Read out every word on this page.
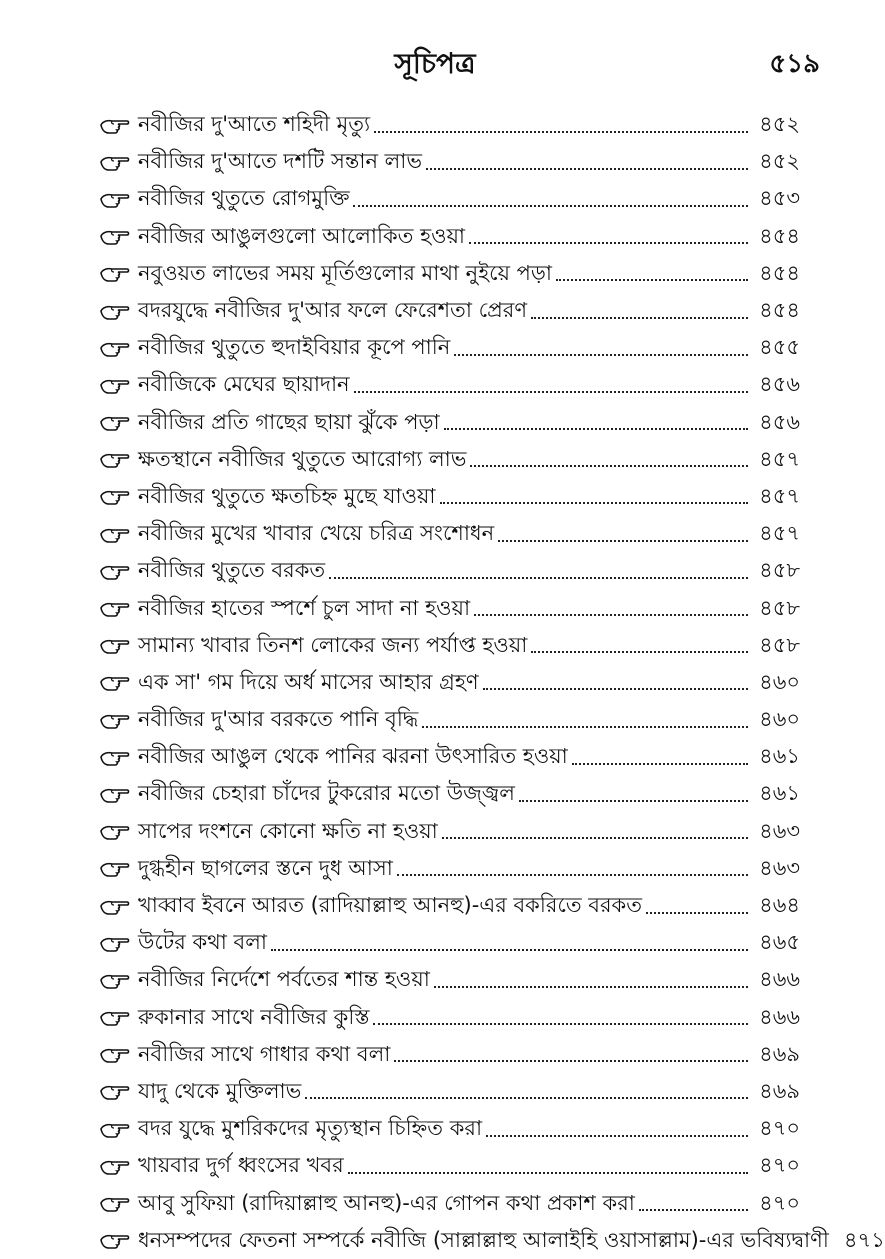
সূচিপত্র	৫১৯
নবীজির দু'আতে শহিদী মৃত্যু	৪৫২
নবীজির দু'আতে দশটি সন্তান লাভ	৪৫২
নবীজির থুতুতে রোগমুক্তি	৪৫৩
নবীজির আঙুলগুলো আলোকিত হওয়া	৪৫৪
নবুওয়ত লাভের সময় মূর্তিগুলোর মাথা নুইয়ে পড়া	৪৫৪
বদরযুদ্ধে নবীজির দু'আর ফলে ফেরেশতা প্রেরণ	৪৫৪
নবীজির থুতুতে হুদাইবিয়ার কূপে পানি	৪৫৫
নবীজিকে মেঘের ছায়াদান	৪৫৬
নবীজির প্রতি গাছের ছায়া ঝুঁকে পড়া	৪৫৬
ক্ষতস্থানে নবীজির থুতুতে আরোগ্য লাভ	৪৫৭
নবীজির থুতুতে ক্ষতচিহ্ন মুছে যাওয়া	৪৫৭
নবীজির মুখের খাবার খেয়ে চরিত্র সংশোধন	৪৫৭
নবীজির থুতুতে বরকত	৪৫৮
নবীজির হাতের স্পর্শে চুল সাদা না হওয়া	৪৫৮
সামান্য খাবার তিনশ লোকের জন্য পর্যাপ্ত হওয়া	৪৫৮
এক সা' গম দিয়ে অর্ধ মাসের আহার গ্রহণ	৪৬০
নবীজির দু'আর বরকতে পানি বৃদ্ধি	৪৬০
নবীজির আঙুল থেকে পানির ঝরনা উৎসারিত হওয়া	৪৬১
নবীজির চেহারা চাঁদের টুকরোর মতো উজ্জ্বল	৪৬১
সাপের দংশনে কোনো ক্ষতি না হওয়া	৪৬৩
দুগ্ধহীন ছাগলের স্তনে দুধ আসা	৪৬৩
খাব্বাব ইবনে আরত (রাদিয়াল্লাহু আনহু)-এর বকরিতে বরকত	৪৬৪
উটের কথা বলা	৪৬৫
নবীজির নির্দেশে পর্বতের শান্ত হওয়া	৪৬৬
রুকানার সাথে নবীজির কুস্তি	৪৬৬
নবীজির সাথে গাধার কথা বলা	৪৬৯
যাদু থেকে মুক্তিলাভ	৪৬৯
বদর যুদ্ধে মুশরিকদের মৃত্যুস্থান চিহ্নিত করা	৪৭০
খায়বার দুর্গ ধ্বংসের খবর	৪৭০
আবু সুফিয়া (রাদিয়াল্লাহু আনহু)-এর গোপন কথা প্রকাশ করা	৪৭০
ধনসম্পদের ফেতনা সম্পর্কে নবীজি (সাল্লাল্লাহু আলাইহি ওয়াসাল্লাম)-এর ভবিষ্যদ্বাণী ৪৭১
